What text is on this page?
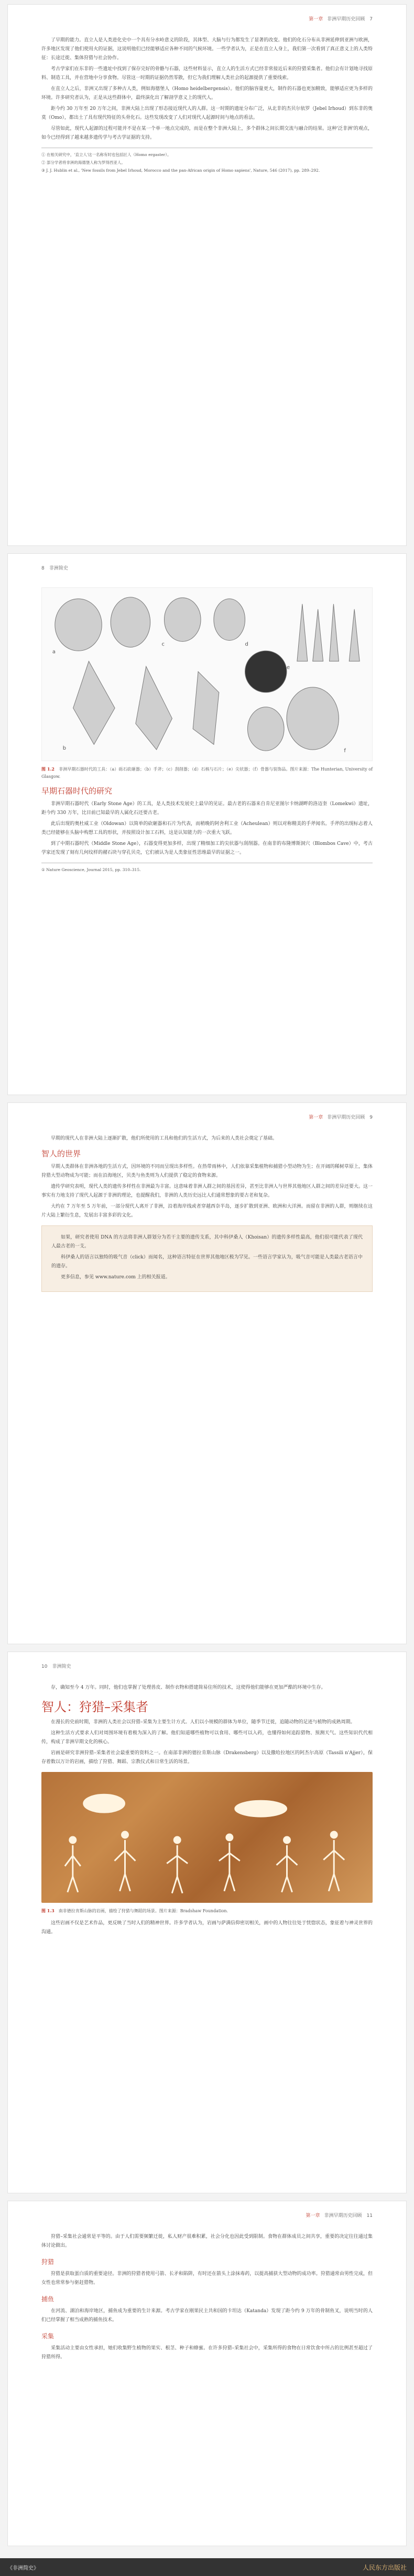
第一章 非洲早期历史回顾　 7

了早期的能力。直立人是人类进化史中一个具有分水岭意义的阶段，其体型、大脑与行为都发生了显著的改变。他们的化石分布从非洲延伸到亚洲与欧洲，许多地区发现了他们使用火的证据，这说明他们已经能够适应各种不同的气候环境。一些学者认为，正是在直立人身上，我们第一次看到了真正意义上的人类特征：长途迁徙、集体狩猎与社会协作。

考古学家们在东非的一些遗址中找到了保存完好的骨骼与石器，这些材料显示，直立人的生活方式已经非常接近后来的狩猎采集者。他们会有计划地寻找原料、制造工具，并在营地中分享食物。尽管这一时期的证据仍然零散，但它为我们理解人类社会的起源提供了重要线索。

在直立人之后，非洲又出现了多种古人类，例如海德堡人（Homo heidelbergensis）。他们的脑容量更大，制作的石器也更加精致，能够适应更为多样的环境。许多研究者认为，正是从这些群体中，最终演化出了解剖学意义上的现代人。

距今约 30 万年至 20 万年之间，非洲大陆上出现了形态接近现代人的人群。这一时期的遗址分布广泛，从北非的杰贝尔依罗（Jebel Irhoud）到东非的奥莫（Omo），都出土了具有现代特征的头骨化石。这些发现改变了人们对现代人起源时间与地点的看法。

尽管如此，现代人起源的过程可能并不是在某一个单一地点完成的，而是在整个非洲大陆上，多个群体之间长期交流与融合的结果。这种'泛非洲'的观点，如今已经得到了越来越多遗传学与考古学证据的支持。

① 在相关研究中，'直立人'这一名称有时也包括匠人（Homo ergaster）。
② 部分学者将非洲的海德堡人称为罗得西亚人。
③ J. J. Hublin et al., 'New fossils from Jebel Irhoud, Morocco and the pan-African origin of Homo sapiens', Nature, 546 (2017), pp. 289–292.
8　 非洲简史
a
b
c	d
e
f
图 1.2　 非洲早期石器时代的工具：（a）砾石砍砸器；（b）手斧；（c）刮削器；（d）石核与石片；（e）尖状器；（f）骨器与装饰品。图片来源：The Hunterian, University of Glasgow.
早期石器时代的研究

非洲早期石器时代（Early Stone Age）的工具，是人类技术发展史上最早的见证。最古老的石器来自肯尼亚图尔卡纳湖畔的洛迈奎（Lomekwi）遗址，距今约 330 万年，比目前已知最早的人属化石还要古老。

此后出现的奥杜威工业（Oldowan）以简单的砍砸器和石片为代表，而稍晚的阿舍利工业（Acheulean）则以对称精美的手斧闻名。手斧的出现标志着人类已经能够在头脑中构想工具的形状，并按照设计加工石料，这是认知能力的一次重大飞跃。

到了中期石器时代（Middle Stone Age），石器变得更加多样，出现了精细加工的尖状器与刮削器。在南非的布隆博斯洞穴（Blombos Cave）中，考古学家还发现了刻有几何纹样的赭石块与穿孔贝壳，它们被认为是人类象征性思维最早的证据之一。

① Nature Geoscience, Journal 2015, pp. 310–315.
第一章 非洲早期历史回顾　 9

早期的现代人在非洲大陆上逐渐扩散，他们所使用的工具和他们的生活方式，为后来的人类社会奠定了基础。

智人的世界

早期人类群体在非洲各地的生活方式，因环境的不同而呈现出多样性。在热带雨林中，人们依靠采集植物和捕猎小型动物为生；在开阔的稀树草原上，集体狩猎大型动物成为可能；而在沿海地区，贝类与鱼类则为人们提供了稳定的食物来源。

遗传学研究表明，现代人类的遗传多样性在非洲最为丰富。这意味着非洲人群之间的基因差异，甚至比非洲人与世界其他地区人群之间的差异还要大。这一事实有力地支持了现代人起源于非洲的理论，也提醒我们，非洲的人类历史远比人们通常想象的要古老和复杂。

大约在 7 万年至 5 万年前，一部分现代人离开了非洲，沿着海岸线或者穿越西奈半岛，逐步扩散到亚洲、欧洲和大洋洲。而留在非洲的人群，则继续在这片大陆上繁衍生息，发展出丰富多彩的文化。

如果，研究者使用 DNA 的方法将非洲人群划分为若干主要的遗传支系，其中科伊桑人（Khoisan）的遗传多样性最高，他们很可能代表了现代人最古老的一支。

科伊桑人的语言以独特的吸气音（click）而闻名，这种语言特征在世界其他地区极为罕见。一些语言学家认为，吸气音可能是人类最古老语言中的遗存。

更多信息，参见 www.nature.com 上的相关报道。

10　 非洲简史

存，确知至今 4 万年。同时，他们也掌握了处理兽皮、制作衣物和搭建简易住所的技术，这使得他们能够在更加严酷的环境中生存。

智人：狩猎–采集者

在漫长的史前时期，非洲的人类社会以狩猎–采集为主要生计方式。人们以小规模的群体为单位，随季节迁徙，追随动物的足迹与植物的成熟周期。

这种生活方式要求人们对周围环境有着极为深入的了解。他们知道哪些植物可以食用、哪些可以入药，也懂得如何追踪猎物、预测天气。这些知识代代相传，构成了非洲早期文化的核心。

岩画是研究非洲狩猎–采集者社会最重要的资料之一。在南部非洲的德拉肯斯山脉（Drakensberg）以及撒哈拉地区的阿杰尔高原（Tassili n'Ajjer），保存着数以万计的岩画，描绘了狩猎、舞蹈、宗教仪式和日常生活的场景。

图 1.3　 南非德拉肯斯山脉的岩画，描绘了狩猎与舞蹈的场景。图片来源：Bradshaw Foundation.

这些岩画不仅是艺术作品，更反映了当时人们的精神世界。许多学者认为，岩画与萨满信仰密切相关，画中的人物往往处于恍惚状态，象征着与神灵世界的沟通。

第一章 非洲早期历史回顾　 11

狩猎–采集社会通常是平等的。由于人们需要频繁迁徙，私人财产很难积累，社会分化也因此受到限制。食物在群体成员之间共享，重要的决定往往通过集体讨论做出。

狩猎

狩猎是获取蛋白质的重要途径。非洲的狩猎者使用弓箭、长矛和陷阱，有时还在箭头上涂抹毒药，以提高捕获大型动物的成功率。狩猎通常由男性完成，但女性也常常参与驱赶猎物。

捕鱼

在河流、湖泊和海岸地区，捕鱼成为重要的生计来源。考古学家在刚果民主共和国的卡坦达（Katanda）发现了距今约 9 万年的骨制鱼叉，说明当时的人们已经掌握了相当成熟的捕鱼技术。

采集

采集活动主要由女性承担，她们收集野生植物的果实、根茎、种子和蜂蜜。在许多狩猎–采集社会中，采集所得的食物在日常饮食中所占的比例甚至超过了狩猎所得。

《非洲简史》	人民东方出版社
